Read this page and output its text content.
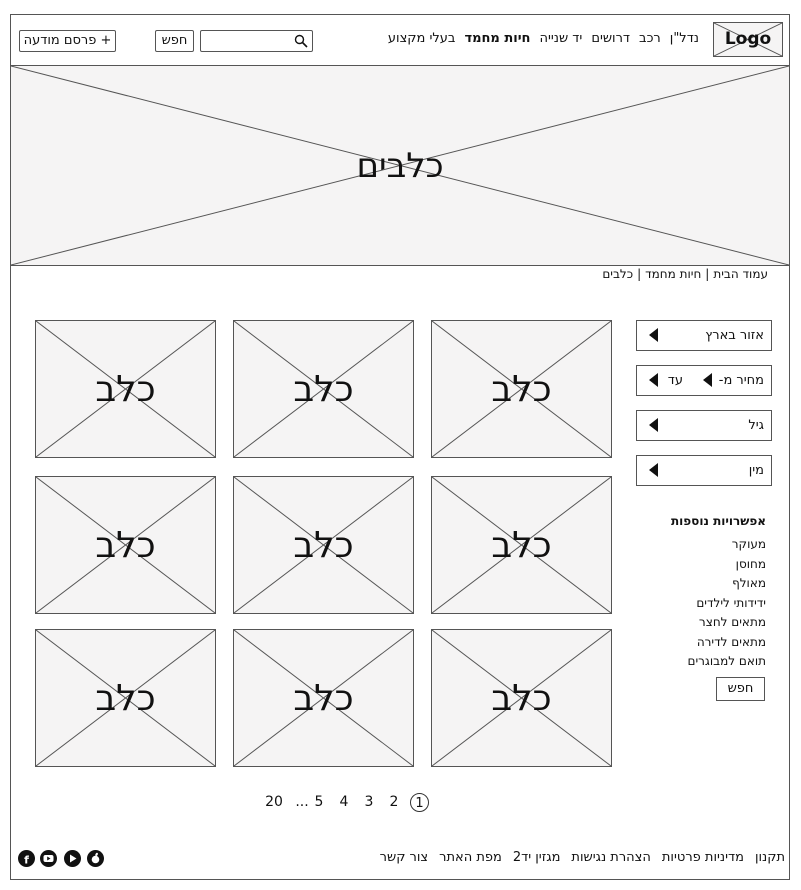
Logo
נדל"ן
רכב
דרושים
יד שנייה
חיות מחמד
בעלי מקצוע
חפש
+ פרסם מודעה
כלבים
עמוד הבית
|
חיות מחמד
|
כלבים
כלב
כלב
כלב
כלב
כלב
כלב
כלב
כלב
כלב
אזור בארץ
מחיר מ-
עד
גיל
מין
אפשרויות נוספות
מעוקר
מחוסן
מאולף
ידידותי לילדים
מתאים לחצר
מתאים לדירה
תואם למבוגרים
חפש
20 ... 5	4	3	2	1
תקנון
מדיניות פרטיות
הצהרת נגישות
מגזין יד2
מפת האתר
צור קשר
f
